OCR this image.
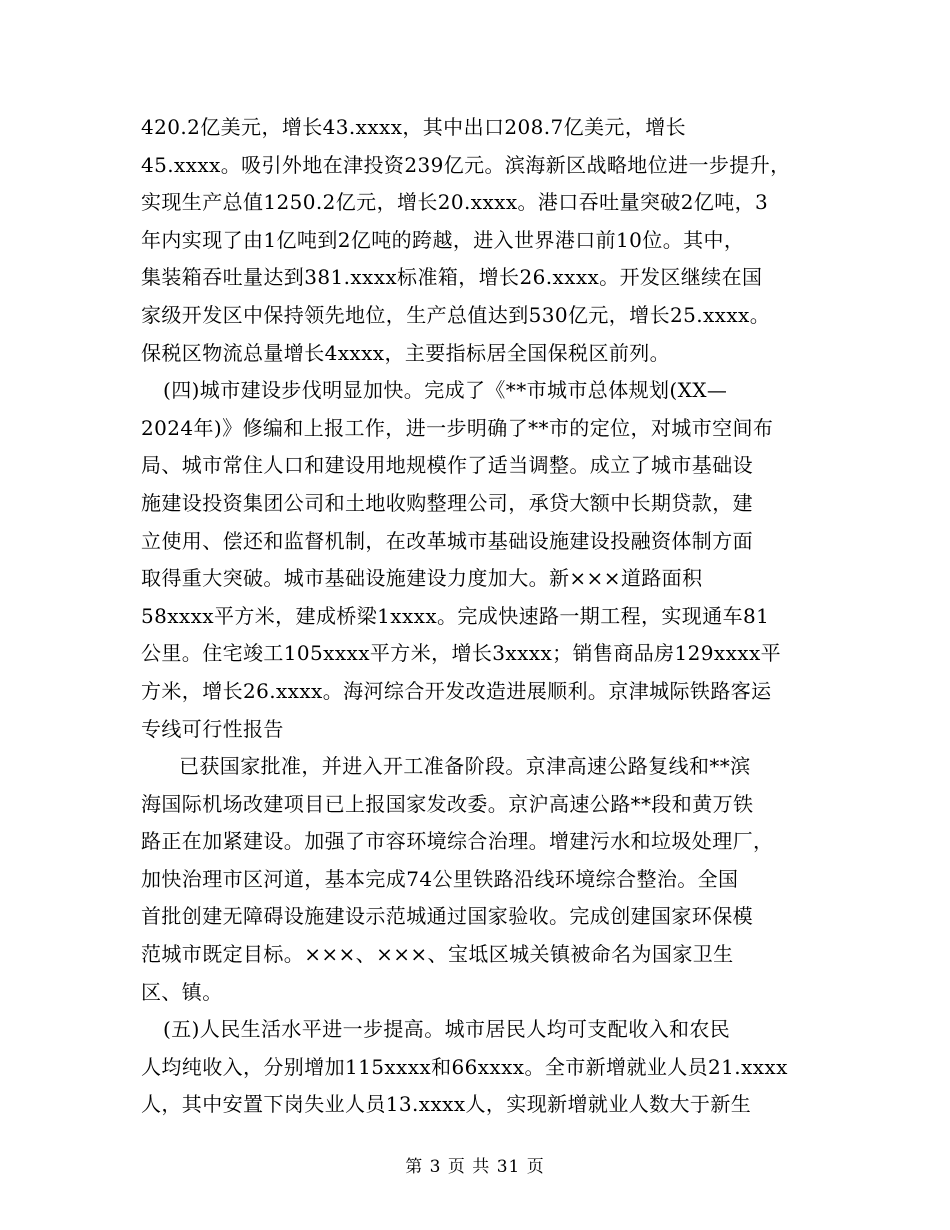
420.2亿美元，增长43.xxxx，其中出口208.7亿美元，增长
45.xxxx。吸引外地在津投资239亿元。滨海新区战略地位进一步提升，
实现生产总值1250.2亿元，增长20.xxxx。港口吞吐量突破2亿吨，3
年内实现了由1亿吨到2亿吨的跨越，进入世界港口前10位。其中，
集装箱吞吐量达到381.xxxx标准箱，增长26.xxxx。开发区继续在国
家级开发区中保持领先地位，生产总值达到530亿元，增长25.xxxx。
保税区物流总量增长4xxxx，主要指标居全国保税区前列。
(四)城市建设步伐明显加快。完成了《**市城市总体规划(XX—
2024年)》修编和上报工作，进一步明确了**市的定位，对城市空间布
局、城市常住人口和建设用地规模作了适当调整。成立了城市基础设
施建设投资集团公司和土地收购整理公司，承贷大额中长期贷款，建
立使用、偿还和监督机制，在改革城市基础设施建设投融资体制方面
取得重大突破。城市基础设施建设力度加大。新×××道路面积
58xxxx平方米，建成桥梁1xxxx。完成快速路一期工程，实现通车81
公里。住宅竣工105xxxx平方米，增长3xxxx；销售商品房129xxxx平
方米，增长26.xxxx。海河综合开发改造进展顺利。京津城际铁路客运
专线可行性报告
已获国家批准，并进入开工准备阶段。京津高速公路复线和**滨
海国际机场改建项目已上报国家发改委。京沪高速公路**段和黄万铁
路正在加紧建设。加强了市容环境综合治理。增建污水和垃圾处理厂，
加快治理市区河道，基本完成74公里铁路沿线环境综合整治。全国
首批创建无障碍设施建设示范城通过国家验收。完成创建国家环保模
范城市既定目标。×××、×××、宝坻区城关镇被命名为国家卫生
区、镇。
(五)人民生活水平进一步提高。城市居民人均可支配收入和农民
人均纯收入，分别增加115xxxx和66xxxx。全市新增就业人员21.xxxx
人，其中安置下岗失业人员13.xxxx人，实现新增就业人数大于新生
第 3 页 共 31 页
